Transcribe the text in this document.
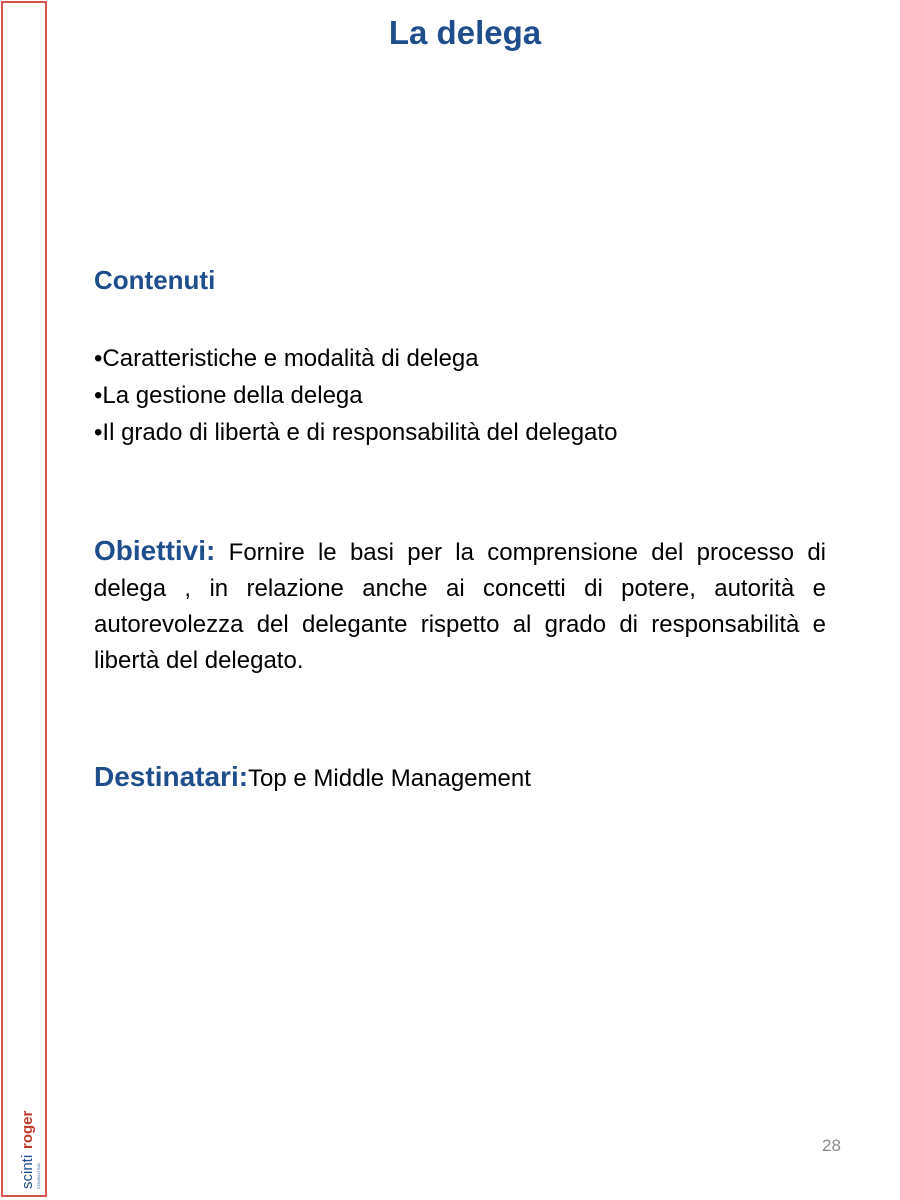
scinti
roger
CONSULTING
La delega
Contenuti
• Caratteristiche e modalità di delega
• La gestione della delega
• Il grado di libertà e di responsabilità del delegato

Obiettivi: Fornire le basi per la comprensione del processo di delega , in relazione anche ai concetti di potere, autorità e autorevolezza del delegante rispetto al grado di responsabilità e libertà del delegato.

Destinatari:Top e Middle Management

28
